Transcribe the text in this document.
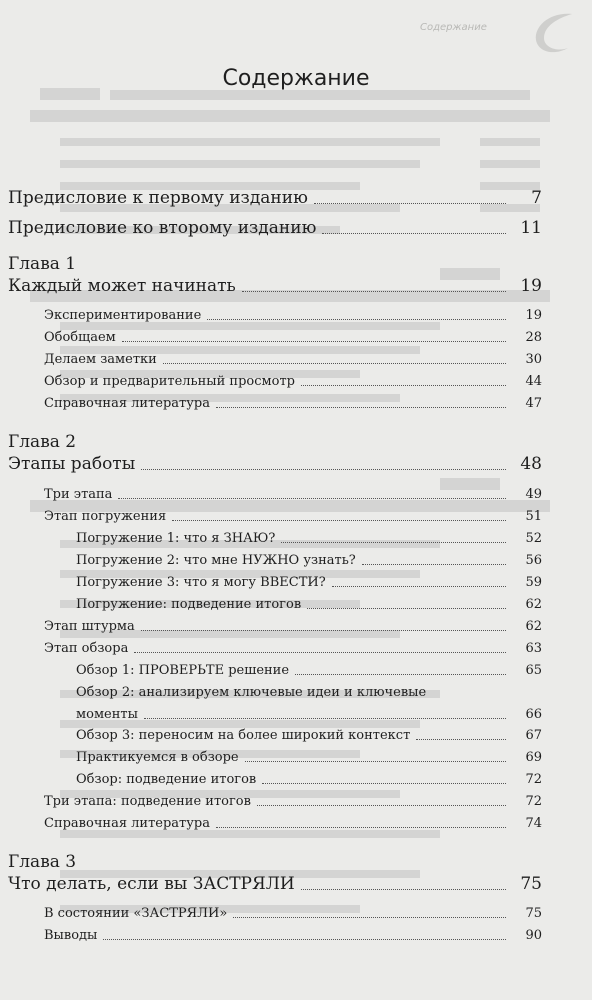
Содержание
Содержание
Предисловие к первому изданию	7
Предисловие ко второму изданию	11
Глава 1
Каждый может начинать	19
Экспериментирование	19
Обобщаем	28
Делаем заметки	30
Обзор и предварительный просмотр	44
Справочная литература	47
Глава 2
Этапы работы	48
Три этапа	49
Этап погружения	51
Погружение 1: что я ЗНАЮ?	52
Погружение 2: что мне НУЖНО узнать?	56
Погружение 3: что я могу ВВЕСТИ?	59
Погружение: подведение итогов	62
Этап штурма	62
Этап обзора	63
Обзор 1: ПРОВЕРЬТЕ решение	65
Обзор 2: анализируем ключевые идеи и ключевые
моменты	66
Обзор 3: переносим на более широкий контекст	67
Практикуемся в обзоре	69
Обзор: подведение итогов	72
Три этапа: подведение итогов	72
Справочная литература	74
Глава 3
Что делать, если вы ЗАСТРЯЛИ	75
В состоянии «ЗАСТРЯЛИ»	75
Выводы	90
